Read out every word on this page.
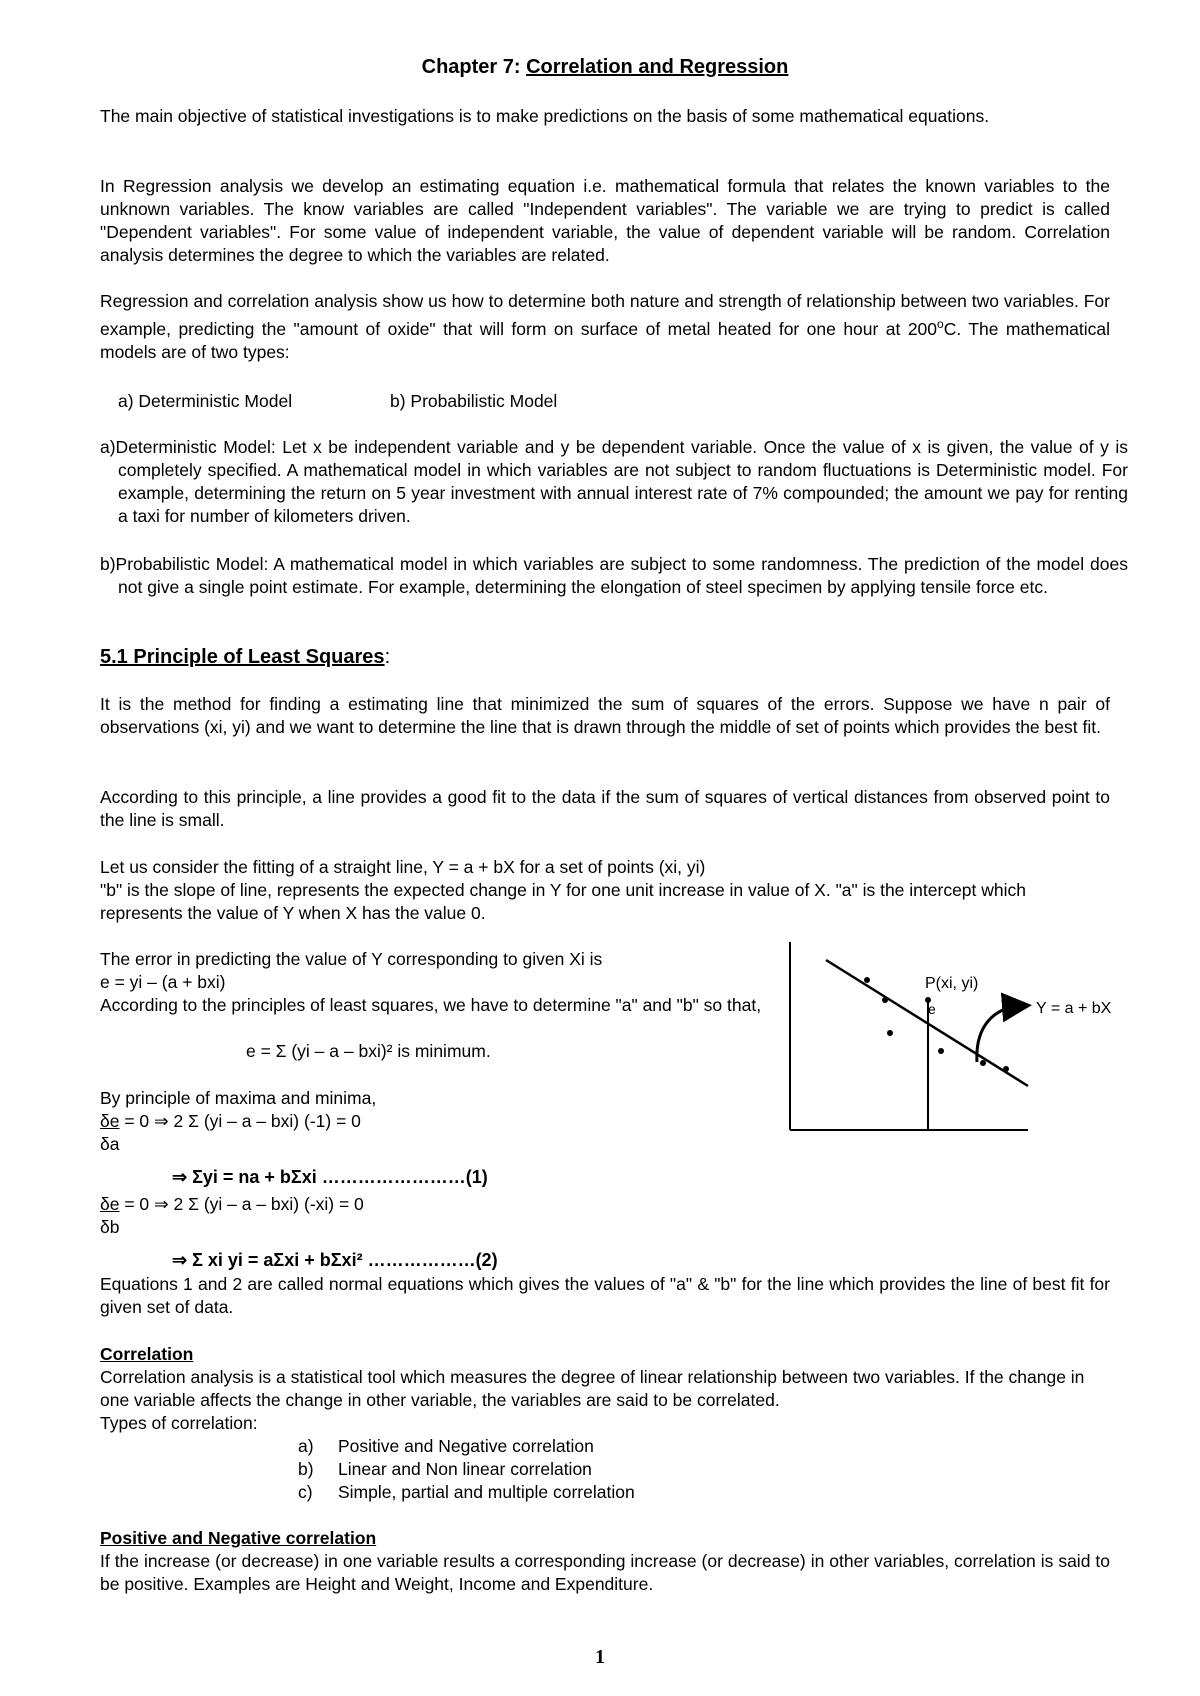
Chapter 7: Correlation and Regression
The main objective of statistical investigations is to make predictions on the basis of some mathematical equations.
In Regression analysis we develop an estimating equation i.e. mathematical formula that relates the known variables to the unknown variables. The know variables are called "Independent variables". The variable we are trying to predict is called "Dependent variables". For some value of independent variable, the value of dependent variable will be random. Correlation analysis determines the degree to which the variables are related.
Regression and correlation analysis show us how to determine both nature and strength of relationship between two variables. For example, predicting the "amount of oxide" that will form on surface of metal heated for one hour at 200$^o$C. The mathematical models are of two types:
a) Deterministic Model	b) Probabilistic Model
a)Deterministic Model: Let x be independent variable and y be dependent variable. Once the value of x is given, the value of y is completely specified. A mathematical model in which variables are not subject to random fluctuations is Deterministic model. For example, determining the return on 5 year investment with annual interest rate of 7% compounded; the amount we pay for renting a taxi for number of kilometers driven.
b)Probabilistic Model: A mathematical model in which variables are subject to some randomness. The prediction of the model does not give a single point estimate. For example, determining the elongation of steel specimen by applying tensile force etc.
5.1 Principle of Least Squares:
It is the method for finding a estimating line that minimized the sum of squares of the errors. Suppose we have n pair of observations (xi, yi) and we want to determine the line that is drawn through the middle of set of points which provides the best fit.
According to this principle, a line provides a good fit to the data if the sum of squares of vertical distances from observed point to the line is small.
Let us consider the fitting of a straight line, Y = a + bX for a set of points (xi, yi)
"b" is the slope of line, represents the expected change in Y for one unit increase in value of X. "a" is the intercept which represents the value of Y when X has the value 0.
The error in predicting the value of Y corresponding to given Xi is
e = yi – (a + bxi)
According to the principles of least squares, we have to determine "a" and "b" so that,
e = Σ (yi – a – bxi)² is minimum.
By principle of maxima and minima,
δe = 0 ⇒ 2 Σ (yi – a – bxi) (-1) = 0
δa
⇒ Σyi = na + bΣxi ……………………(1)
δe = 0 ⇒ 2 Σ (yi – a – bxi) (-xi) = 0
δb
⇒ Σ xi yi = aΣxi + bΣxi² ………………(2)
Equations 1 and 2 are called normal equations which gives the values of "a" & "b" for the line which provides the line of best fit for given set of data.
Correlation
Correlation analysis is a statistical tool which measures the degree of linear relationship between two variables. If the change in one variable affects the change in other variable, the variables are said to be correlated.
Types of correlation:
a) Positive and Negative correlation
b) Linear and Non linear correlation
c) Simple, partial and multiple correlation
Positive and Negative correlation
If the increase (or decrease) in one variable results a corresponding increase (or decrease) in other variables, correlation is said to be positive. Examples are Height and Weight, Income and Expenditure.
P(xi, yi)
e	Y = a + bX
1
